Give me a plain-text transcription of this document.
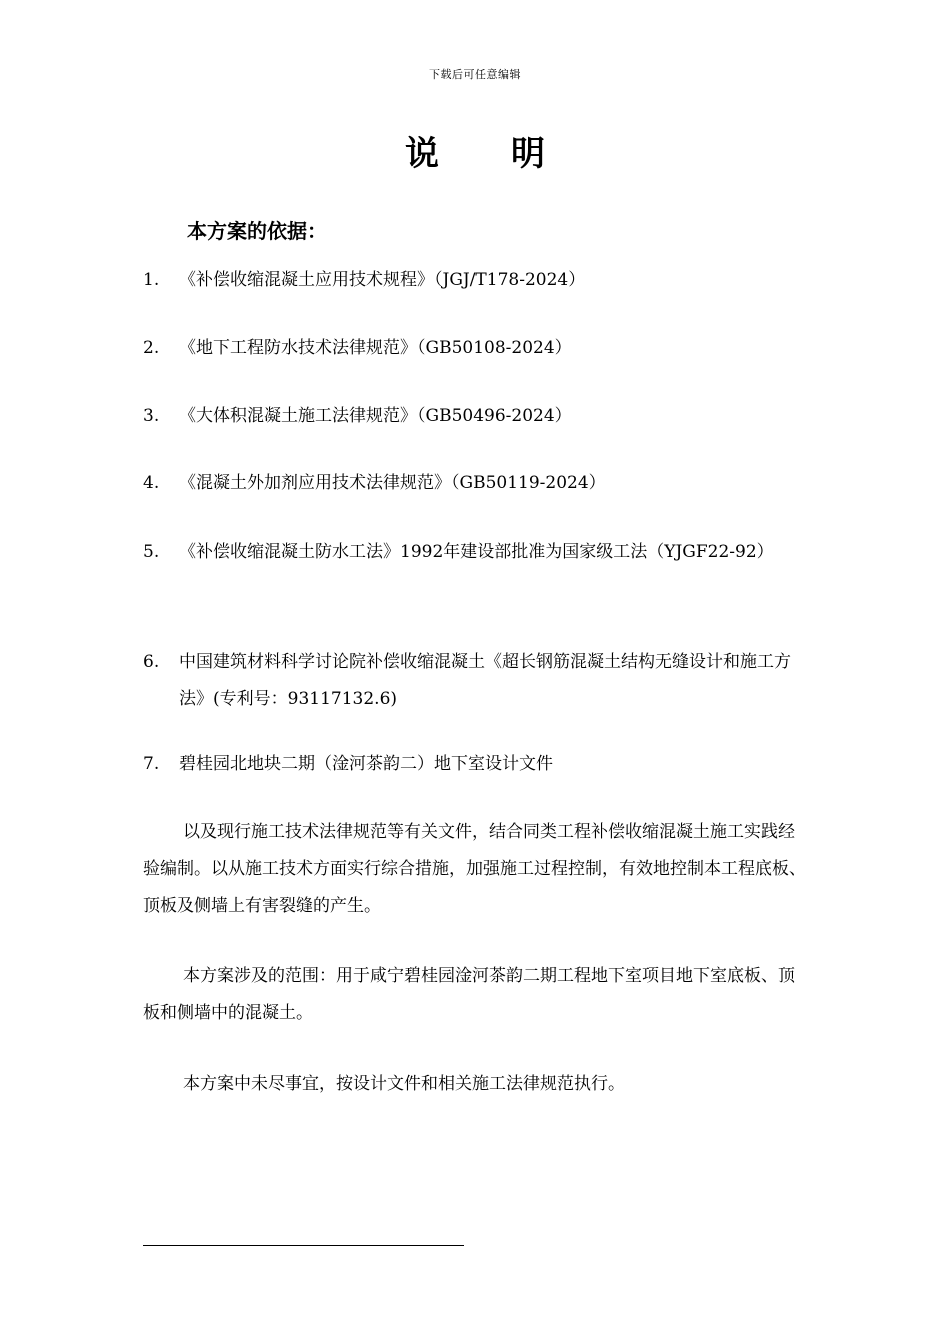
下载后可任意编辑
说明
本方案的依据：
1.	《补偿收缩混凝土应用技术规程》（JGJ/T178-2024）
2.	《地下工程防水技术法律规范》（GB50108-2024）
3.	《大体积混凝土施工法律规范》（GB50496-2024）
4.	《混凝土外加剂应用技术法律规范》（GB50119-2024）
5.	《补偿收缩混凝土防水工法》1992年建设部批准为国家级工法（YJGF22-92）
6.	中国建筑材料科学讨论院补偿收缩混凝土《超长钢筋混凝土结构无缝设计和施工方法》(专利号：93117132.6)
7.	碧桂园北地块二期（淦河茶韵二）地下室设计文件

以及现行施工技术法律规范等有关文件，结合同类工程补偿收缩混凝土施工实践经验编制。以从施工技术方面实行综合措施，加强施工过程控制，有效地控制本工程底板、顶板及侧墙上有害裂缝的产生。

本方案涉及的范围：用于咸宁碧桂园淦河茶韵二期工程地下室项目地下室底板、顶板和侧墙中的混凝土。

本方案中未尽事宜，按设计文件和相关施工法律规范执行。
